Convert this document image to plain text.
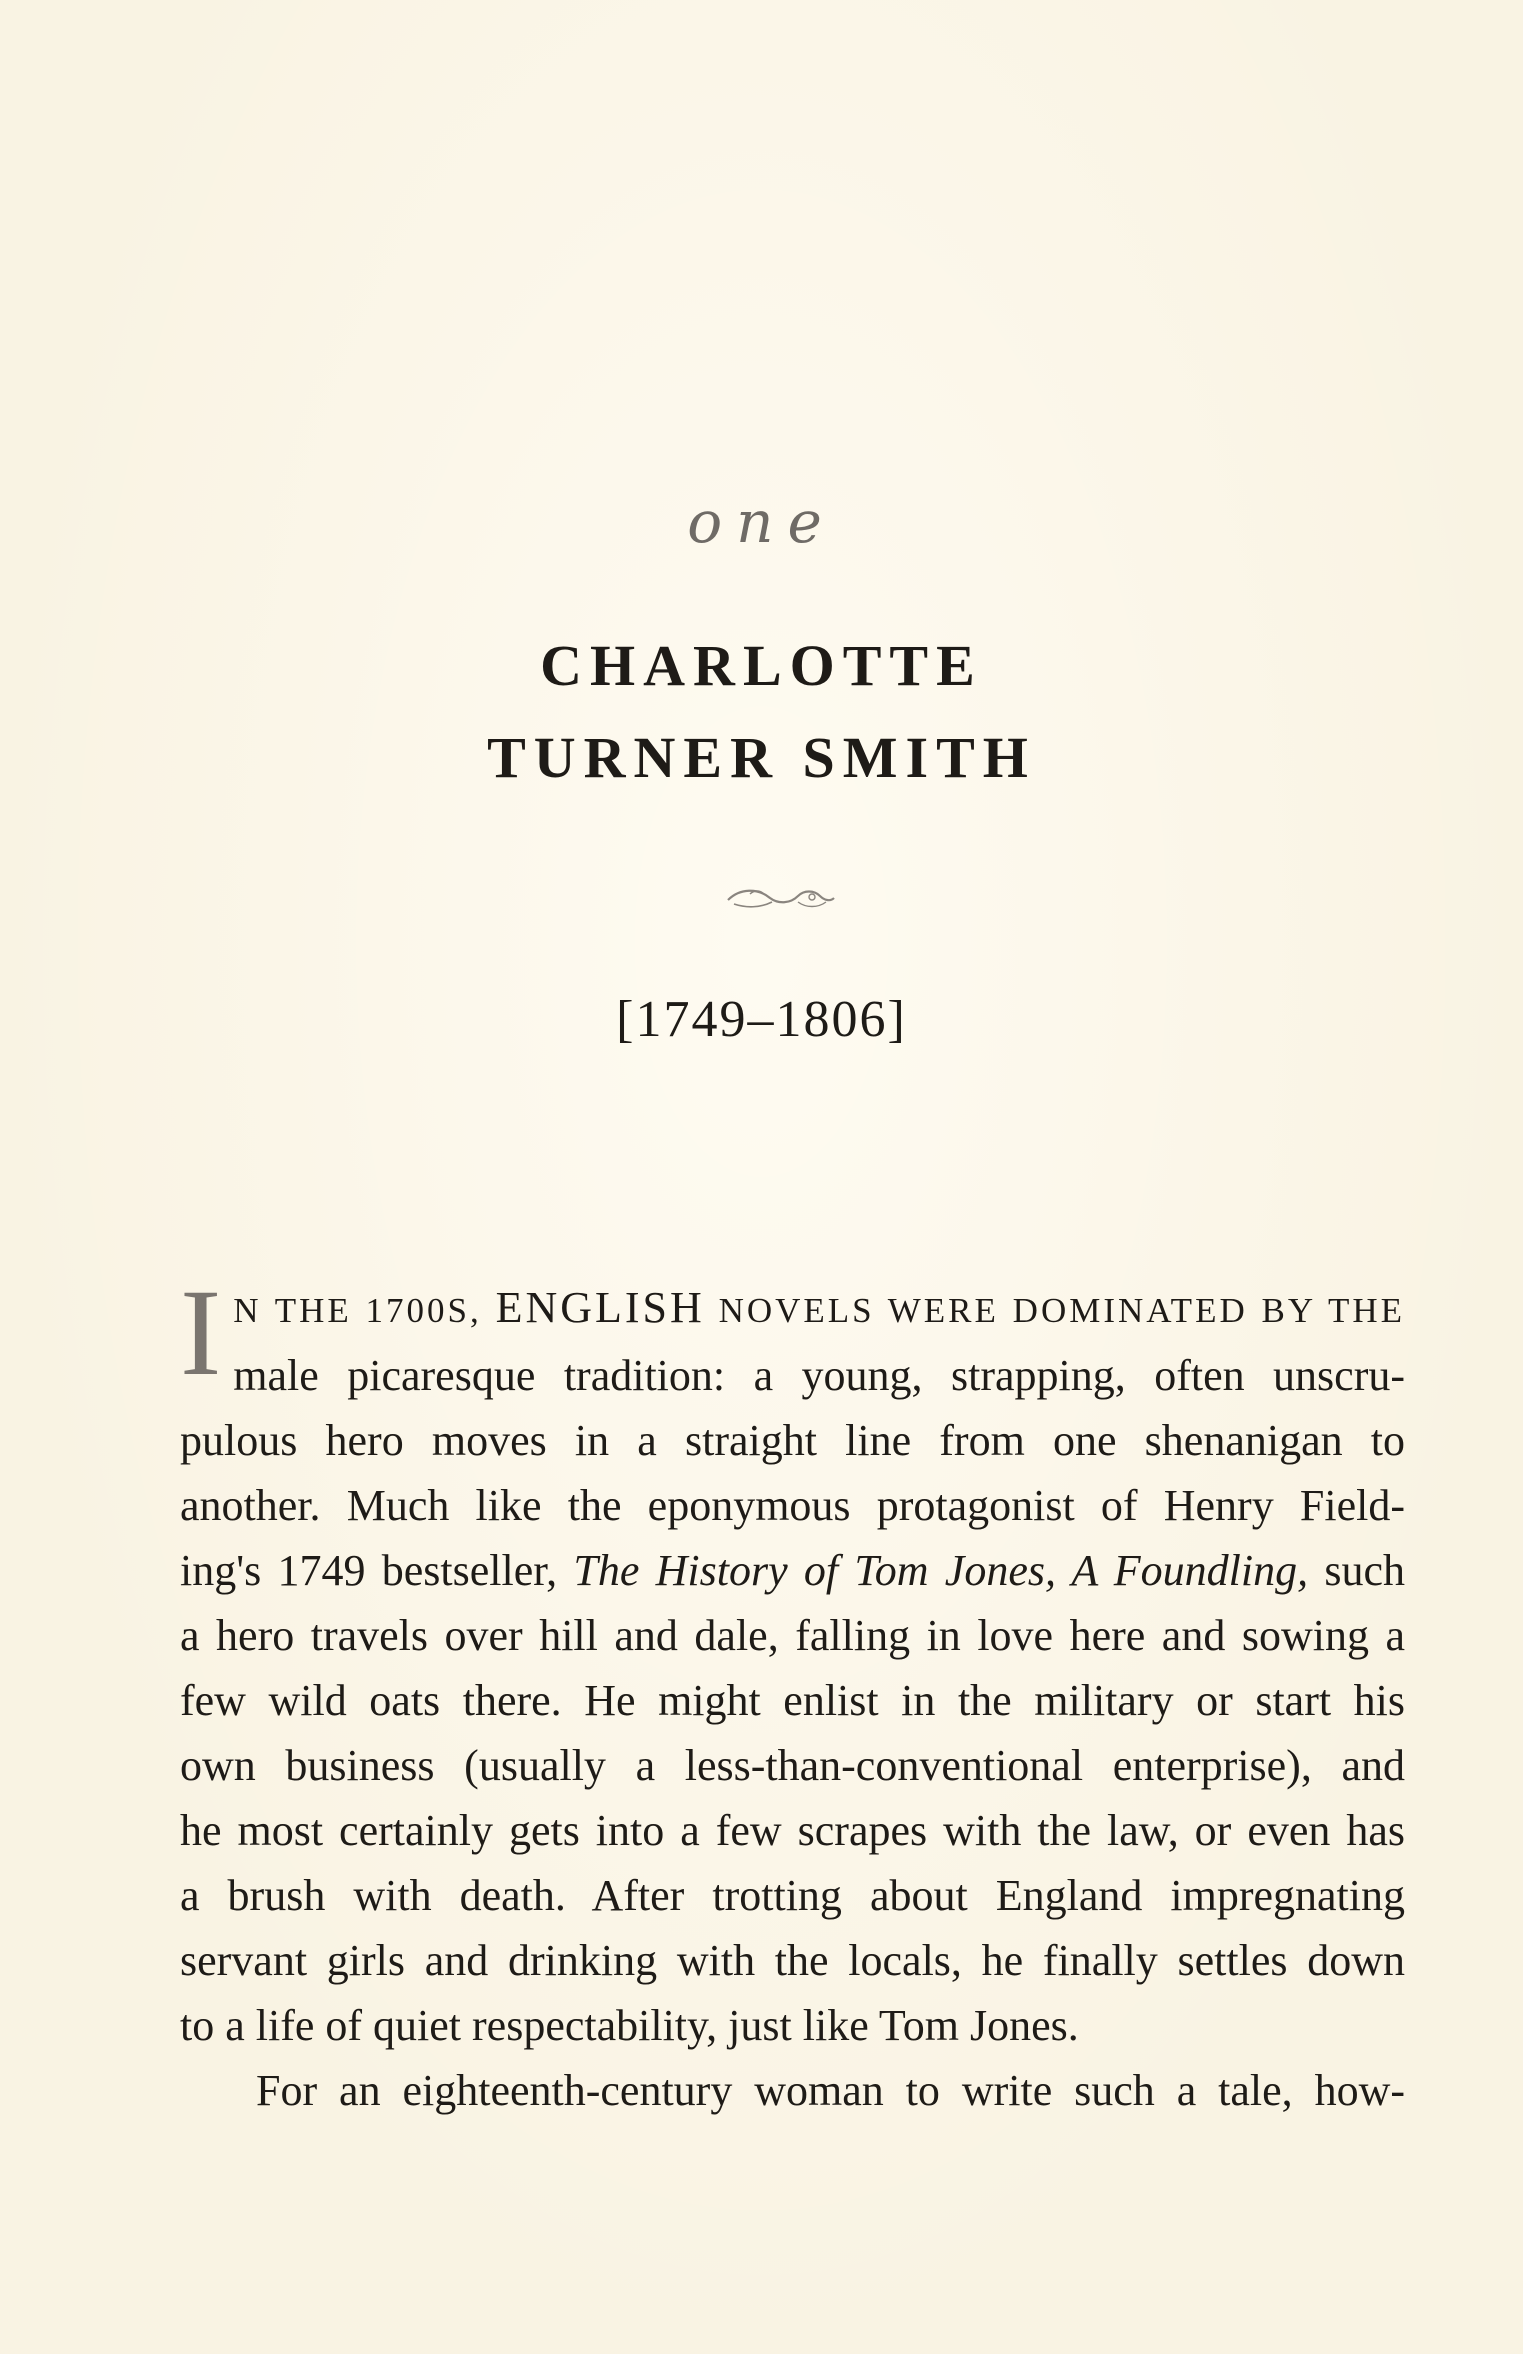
one
CHARLOTTE
TURNER SMITH
[1749–1806]
I N THE 1700S, ENGLISH NOVELS WERE DOMINATED BY THE
male picaresque tradition: a young, strapping, often unscru-
pulous hero moves in a straight line from one shenanigan to
another. Much like the eponymous protagonist of Henry Field-
ing's 1749 bestseller, The History of Tom Jones, A Foundling, such
a hero travels over hill and dale, falling in love here and sowing a
few wild oats there. He might enlist in the military or start his
own business (usually a less-than-conventional enterprise), and
he most certainly gets into a few scrapes with the law, or even has
a brush with death. After trotting about England impregnating
servant girls and drinking with the locals, he finally settles down
to a life of quiet respectability, just like Tom Jones.
For an eighteenth-century woman to write such a tale, how-
